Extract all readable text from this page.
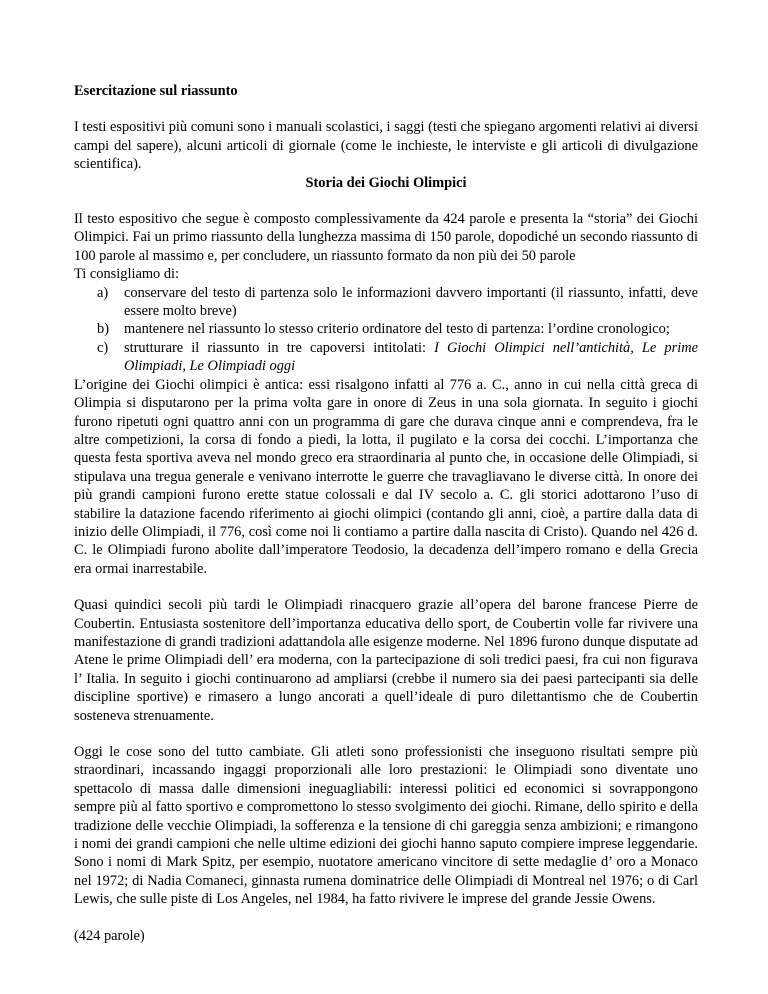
Esercitazione sul riassunto

I testi espositivi più comuni sono i manuali scolastici, i saggi (testi che spiegano argomenti relativi ai diversi campi del sapere), alcuni articoli di giornale (come le inchieste, le interviste e gli articoli di divulgazione scientifica).

Storia dei Giochi Olimpici

Il testo espositivo che segue è composto complessivamente da 424 parole e presenta la “storia” dei Giochi Olimpici. Fai un primo riassunto della lunghezza massima di 150 parole, dopodiché un secondo riassunto di 100 parole al massimo e, per concludere, un riassunto formato da non più dei 50 parole

Ti consigliamo di:

a) conservare del testo di partenza solo le informazioni davvero importanti (il riassunto, infatti, deve essere molto breve)
b) mantenere nel riassunto lo stesso criterio ordinatore del testo di partenza: l’ordine cronologico;
c) strutturare il riassunto in tre capoversi intitolati: I Giochi Olimpici nell’antichità, Le prime Olimpiadi, Le Olimpiadi oggi

L’origine dei Giochi olimpici è antica: essi risalgono infatti al 776 a. C., anno in cui nella città greca di Olimpia si disputarono per la prima volta gare in onore di Zeus in una sola giornata. In seguito i giochi furono ripetuti ogni quattro anni con un programma di gare che durava cinque anni e comprendeva, fra le altre competizioni, la corsa di fondo a piedi, la lotta, il pugilato e la corsa dei cocchi. L’importanza che questa festa sportiva aveva nel mondo greco era straordinaria al punto che, in occasione delle Olimpiadi, si stipulava una tregua generale e venivano interrotte le guerre che travagliavano le diverse città. In onore dei più grandi campioni furono erette statue colossali e dal IV secolo a. C. gli storici adottarono l’uso di stabilire la datazione facendo riferimento ai giochi olimpici (contando gli anni, cioè, a partire dalla data di inizio delle Olimpiadi, il 776, così come noi li contiamo a partire dalla nascita di Cristo). Quando nel 426 d. C. le Olimpiadi furono abolite dall’imperatore Teodosio, la decadenza dell’impero romano e della Grecia era ormai inarrestabile.

Quasi quindici secoli più tardi le Olimpiadi rinacquero grazie all’opera del barone francese Pierre de Coubertin. Entusiasta sostenitore dell’importanza educativa dello sport, de Coubertin volle far rivivere una manifestazione di grandi tradizioni adattandola alle esigenze moderne. Nel 1896 furono dunque disputate ad Atene le prime Olimpiadi dell’ era moderna, con la partecipazione di soli tredici paesi, fra cui non figurava l’ Italia. In seguito i giochi continuarono ad ampliarsi (crebbe il numero sia dei paesi partecipanti sia delle discipline sportive) e rimasero a lungo ancorati a quell’ideale di puro dilettantismo che de Coubertin sosteneva strenuamente.

Oggi le cose sono del tutto cambiate. Gli atleti sono professionisti che inseguono risultati sempre più straordinari, incassando ingaggi proporzionali alle loro prestazioni: le Olimpiadi sono diventate uno spettacolo di massa dalle dimensioni ineguagliabili: interessi politici ed economici si sovrappongono sempre più al fatto sportivo e compromettono lo stesso svolgimento dei giochi. Rimane, dello spirito e della tradizione delle vecchie Olimpiadi, la sofferenza e la tensione di chi gareggia senza ambizioni; e rimangono i nomi dei grandi campioni che nelle ultime edizioni dei giochi hanno saputo compiere imprese leggendarie. Sono i nomi di Mark Spitz, per esempio, nuotatore americano vincitore di sette medaglie d’ oro a Monaco nel 1972; di Nadia Comaneci, ginnasta rumena dominatrice delle Olimpiadi di Montreal nel 1976; o di Carl Lewis, che sulle piste di Los Angeles, nel 1984, ha fatto rivivere le imprese del grande Jessie Owens.

(424 parole)
